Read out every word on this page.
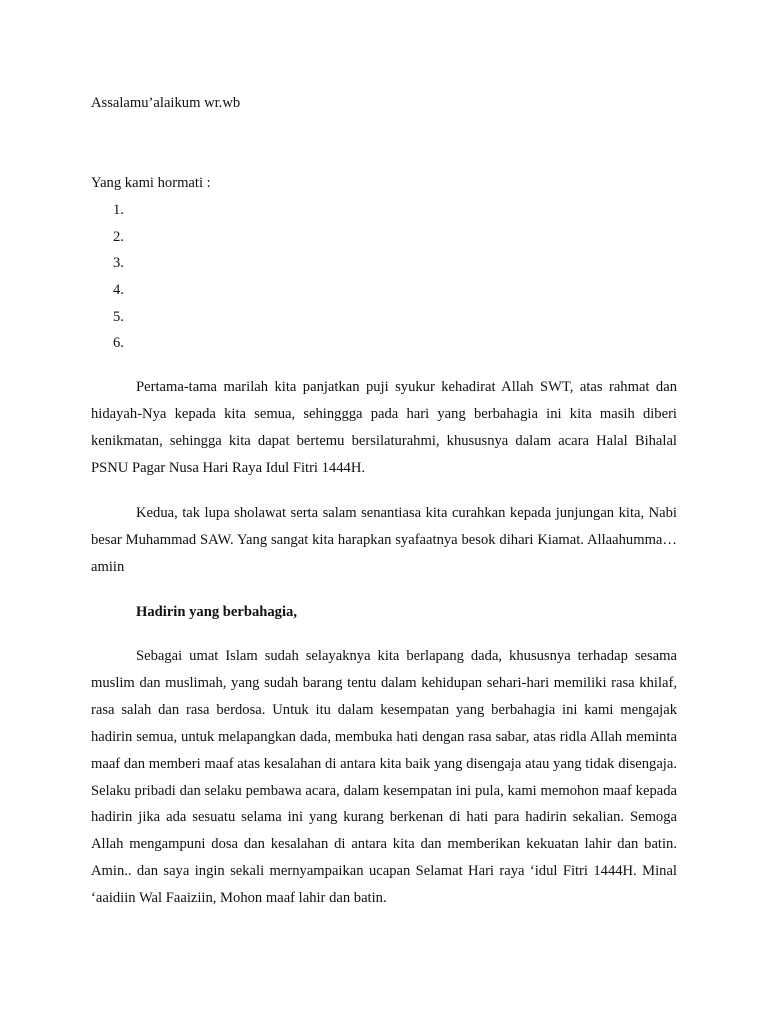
Assalamu’alaikum wr.wb

Yang kami hormati :

1.
2.
3.
4.
5.
6.

Pertama-tama marilah kita panjatkan puji syukur kehadirat Allah SWT, atas rahmat dan hidayah-Nya kepada kita semua, sehinggga pada hari yang berbahagia ini kita masih diberi kenikmatan, sehingga kita dapat bertemu bersilaturahmi, khususnya dalam acara Halal Bihalal PSNU Pagar Nusa Hari Raya Idul Fitri 1444H.

Kedua, tak lupa sholawat serta salam senantiasa kita curahkan kepada junjungan kita, Nabi besar Muhammad SAW. Yang sangat kita harapkan syafaatnya besok dihari Kiamat. Allaahumma… amiin

Hadirin yang berbahagia,

Sebagai umat Islam sudah selayaknya kita berlapang dada, khususnya terhadap sesama muslim dan muslimah, yang sudah barang tentu dalam kehidupan sehari-hari memiliki rasa khilaf, rasa salah dan rasa berdosa. Untuk itu dalam kesempatan yang berbahagia ini kami mengajak hadirin semua, untuk melapangkan dada, membuka hati dengan rasa sabar, atas ridla Allah meminta maaf dan memberi maaf atas kesalahan di antara kita baik yang disengaja atau yang tidak disengaja. Selaku pribadi dan selaku pembawa acara, dalam kesempatan ini pula, kami memohon maaf kepada hadirin jika ada sesuatu selama ini yang kurang berkenan di hati para hadirin sekalian. Semoga Allah mengampuni dosa dan kesalahan di antara kita dan memberikan kekuatan lahir dan batin. Amin.. dan saya ingin sekali mernyampaikan ucapan Selamat Hari raya ‘idul Fitri 1444H. Minal ‘aaidiin Wal Faaiziin, Mohon maaf lahir dan batin.
